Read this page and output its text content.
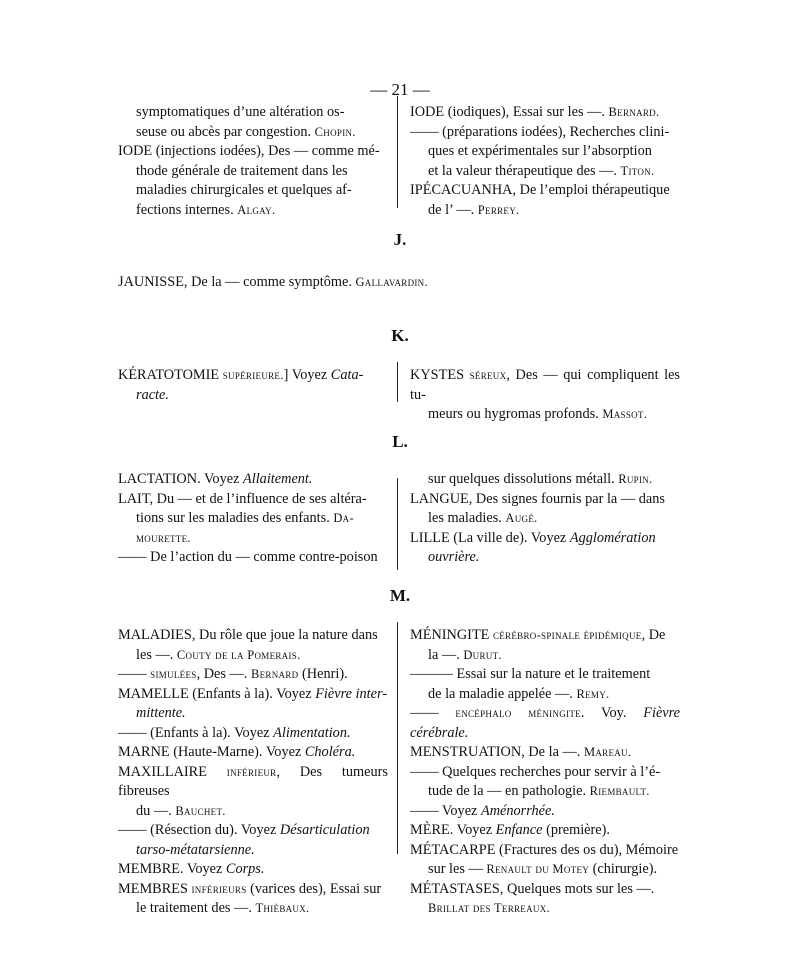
— 21 —
symptomatiques d’une altération os-
seuse ou abcès par congestion. Chopin.
IODE (injections iodées), Des — comme mé-
thode générale de traitement dans les
maladies chirurgicales et quelques af-
fections internes. Algay.
IODE (iodiques), Essai sur les —. Bernard.
—— (préparations iodées), Recherches clini-
ques et expérimentales sur l’absorption
et la valeur thérapeutique des —. Titon.
IPÉCACUANHA, De l’emploi thérapeutique
de l’ —. Perrey.
J.
JAUNISSE, De la — comme symptôme. Gallavardin.
K.
KÉRATOTOMIE supérieure.] Voyez Cata-
racte.
KYSTES séreux, Des — qui compliquent les tu-
meurs ou hygromas profonds. Massot.
L.
LACTATION. Voyez Allaitement.
LAIT, Du — et de l’influence de ses altéra-
tions sur les maladies des enfants. Da-
mourette.
—— De l’action du — comme contre-poison
sur quelques dissolutions métall. Rupin.
LANGUE, Des signes fournis par la — dans
les maladies. Augé.
LILLE (La ville de). Voyez Agglomération
ouvrière.
M.
MALADIES, Du rôle que joue la nature dans
les —. Couty de la Pomerais.
—— simulées, Des —. Bernard (Henri).
MAMELLE (Enfants à la). Voyez Fièvre inter-
mittente.
—— (Enfants à la). Voyez Alimentation.
MARNE (Haute-Marne). Voyez Choléra.
MAXILLAIRE inférieur, Des tumeurs fibreuses
du —. Bauchet.
—— (Résection du). Voyez Désarticulation
tarso-métatarsienne.
MEMBRE. Voyez Corps.
MEMBRES inférieurs (varices des), Essai sur
le traitement des —. Thiébaux.
MÉNINGITE cérébro-spinale épidémique, De
la —. Durut.
——— Essai sur la nature et le traitement
de la maladie appelée —. Remy.
—— encéphalo méningite. Voy. Fièvre cérébrale.
MENSTRUATION, De la —. Mareau.
—— Quelques recherches pour servir à l’é-
tude de la — en pathologie. Riembault.
—— Voyez Aménorrhée.
MÈRE. Voyez Enfance (première).
MÉTACARPE (Fractures des os du), Mémoire
sur les — Renault du Motey (chirurgie).
MÉTASTASES, Quelques mots sur les —.
Brillat des Terreaux.
